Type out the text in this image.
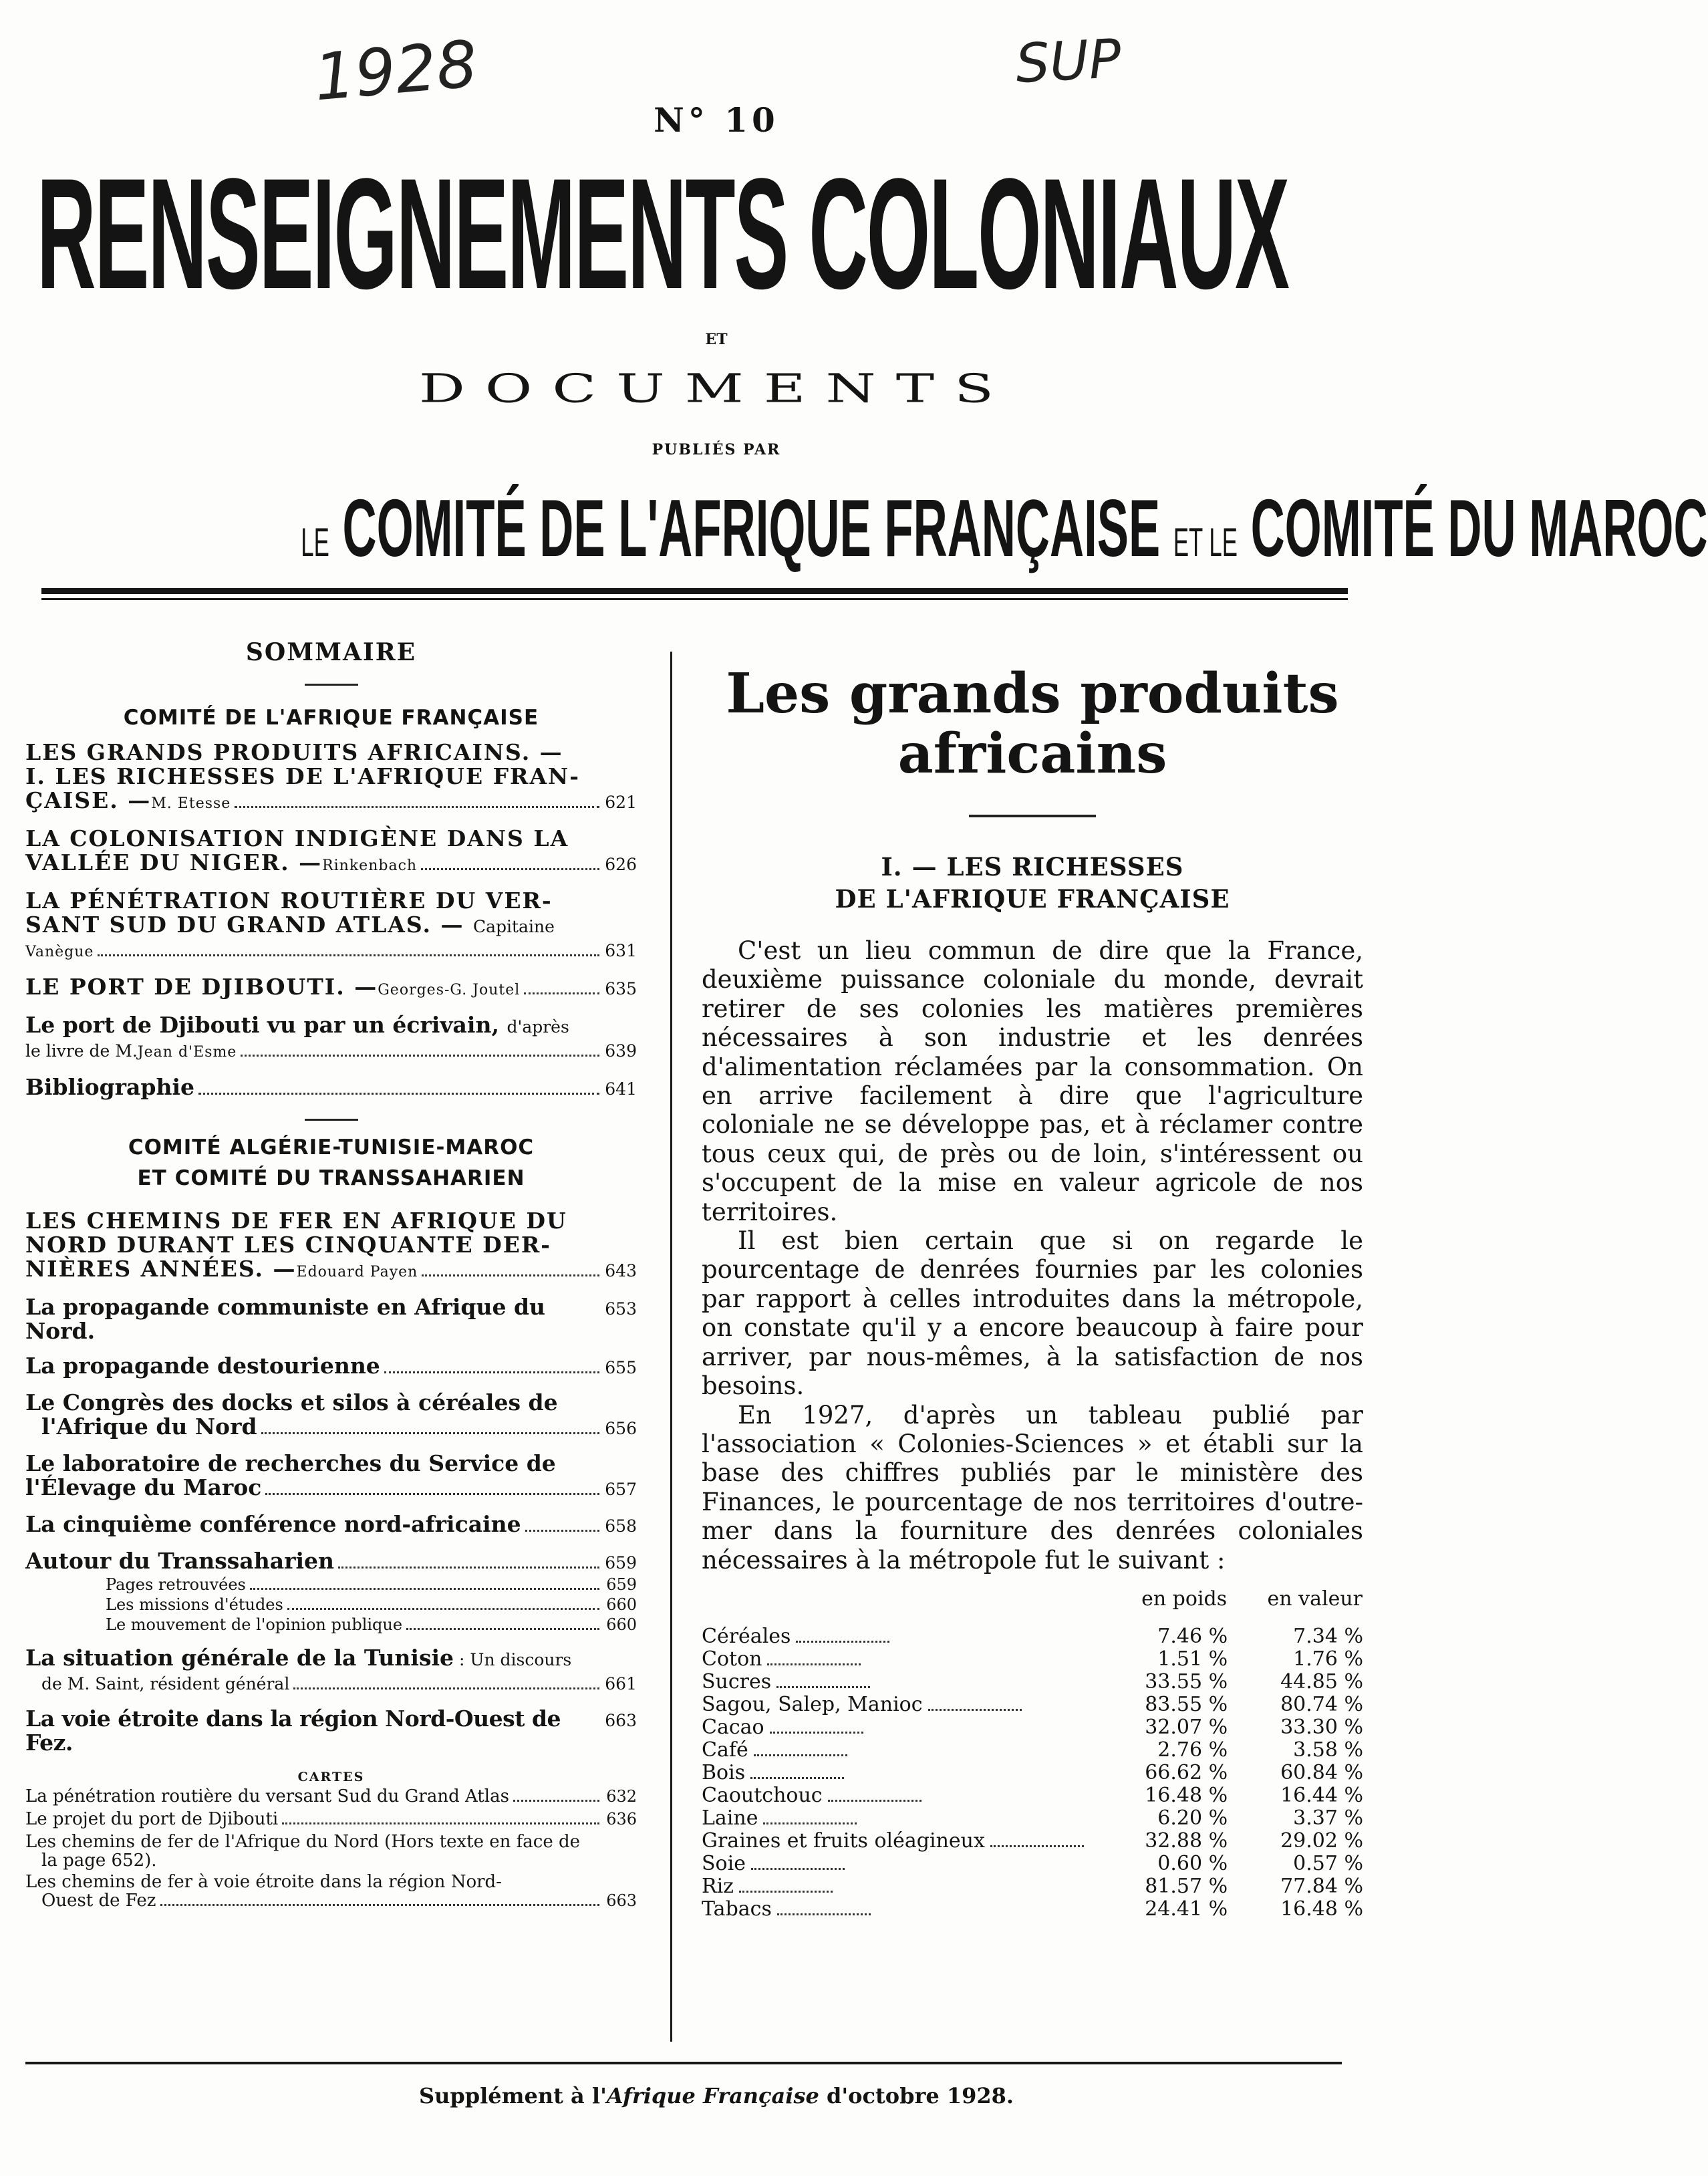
1928	SUP
N° 10
RENSEIGNEMENTS COLONIAUX
ET
DOCUMENTS
PUBLIÉS PAR
LE COMITÉ DE L'AFRIQUE FRANÇAISE ET LE COMITÉ DU MAROC
SOMMAIRE
COMITÉ DE L'AFRIQUE FRANÇAISE
LES GRANDS PRODUITS AFRICAINS. —
I. LES RICHESSES DE L'AFRIQUE FRAN-
ÇAISE. — M. Etesse	621
LA COLONISATION INDIGÈNE DANS LA
VALLÉE DU NIGER. — Rinkenbach	626
LA PÉNÉTRATION ROUTIÈRE DU VER-
SANT SUD DU GRAND ATLAS. — Capitaine
Vanègue	631
LE PORT DE DJIBOUTI. — Georges-G. Joutel	635
Le port de Djibouti vu par un écrivain, d'après
le livre de M. Jean d'Esme	639
Bibliographie	641
COMITÉ ALGÉRIE-TUNISIE-MAROC
ET COMITÉ DU TRANSSAHARIEN
LES CHEMINS DE FER EN AFRIQUE DU
NORD DURANT LES CINQUANTE DER-
NIÈRES ANNÉES. — Edouard Payen	643
La propagande communiste en Afrique du Nord.
653
La propagande destourienne	655
Le Congrès des docks et silos à céréales de
l'Afrique du Nord	656
Le laboratoire de recherches du Service de
l'Élevage du Maroc	657
La cinquième conférence nord-africaine	658
Autour du Transsaharien	659
Pages retrouvées	659
Les missions d'études	660
Le mouvement de l'opinion publique	660
La situation générale de la Tunisie : Un discours
de M. Saint, résident général	661
La voie étroite dans la région Nord-Ouest de Fez.
663
CARTES
La pénétration routière du versant Sud du Grand Atlas	632
Le projet du port de Djibouti	636
Les chemins de fer de l'Afrique du Nord (Hors texte en face de
la page 652).
Les chemins de fer à voie étroite dans la région Nord-
Ouest de Fez	663
Les grands produits africains
I. — LES RICHESSES
DE L'AFRIQUE FRANÇAISE

C'est un lieu commun de dire que la France, deuxième puissance coloniale du monde, devrait retirer de ses colonies les matières premières nécessaires à son industrie et les denrées d'alimentation réclamées par la consommation. On en arrive facilement à dire que l'agriculture coloniale ne se développe pas, et à réclamer contre tous ceux qui, de près ou de loin, s'intéressent ou s'occupent de la mise en valeur agricole de nos territoires.

Il est bien certain que si on regarde le pourcentage de denrées fournies par les colonies par rapport à celles introduites dans la métropole, on constate qu'il y a encore beaucoup à faire pour arriver, par nous-mêmes, à la satisfaction de nos besoins.

En 1927, d'après un tableau publié par l'association « Colonies-Sciences » et établi sur la base des chiffres publiés par le ministère des Finances, le pourcentage de nos territoires d'outre-mer dans la fourniture des denrées coloniales nécessaires à la métropole fut le suivant :

	en poids	en valeur
Céréales	7.46 %	7.34 %
Coton	1.51 %	1.76 %
Sucres	33.55 %	44.85 %
Sagou, Salep, Manioc	83.55 %	80.74 %
Cacao	32.07 %	33.30 %
Café	2.76 %	3.58 %
Bois	66.62 %	60.84 %
Caoutchouc	16.48 %	16.44 %
Laine	6.20 %	3.37 %
Graines et fruits oléagineux	32.88 %	29.02 %
Soie	0.60 %	0.57 %
Riz	81.57 %	77.84 %
Tabacs	24.41 %	16.48 %
Supplément à l'Afrique Française d'octobre 1928.
